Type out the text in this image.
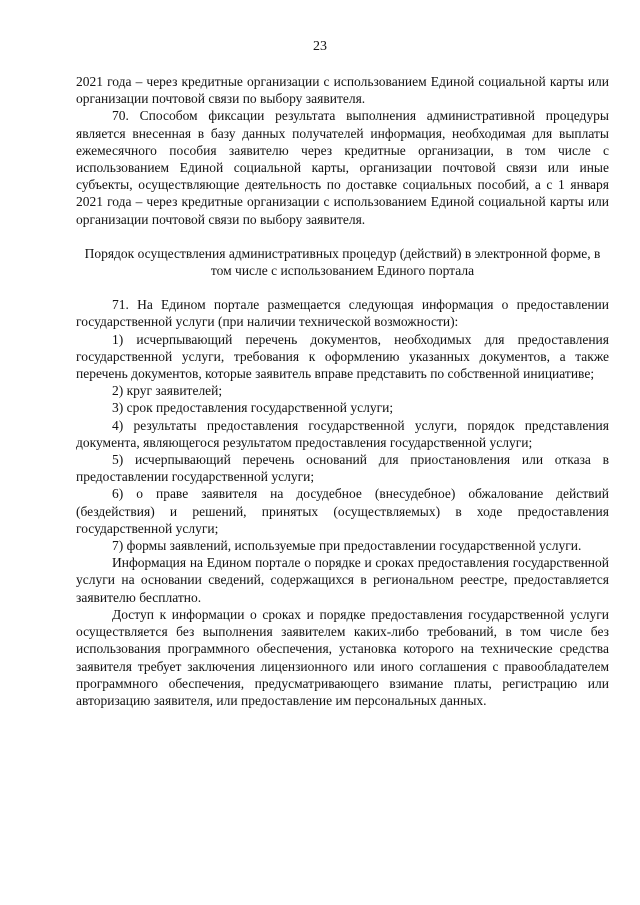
23

2021 года – через кредитные организации с использованием Единой социальной карты или организации почтовой связи по выбору заявителя.

70. Способом фиксации результата выполнения административной процедуры является внесенная в базу данных получателей информация, необходимая для выплаты ежемесячного пособия заявителю через кредитные организации, в том числе с использованием Единой социальной карты, организации почтовой связи или иные субъекты, осуществляющие деятельность по доставке социальных пособий, а с 1 января 2021 года – через кредитные организации с использованием Единой социальной карты или организации почтовой связи по выбору заявителя.

Порядок осуществления административных процедур (действий) в электронной форме, в том числе с использованием Единого портала

71. На Едином портале размещается следующая информация о предоставлении государственной услуги (при наличии технической возможности):

1) исчерпывающий перечень документов, необходимых для предоставления государственной услуги, требования к оформлению указанных документов, а также перечень документов, которые заявитель вправе представить по собственной инициативе;

2) круг заявителей;

3) срок предоставления государственной услуги;

4) результаты предоставления государственной услуги, порядок представления документа, являющегося результатом предоставления государственной услуги;

5) исчерпывающий перечень оснований для приостановления или отказа в предоставлении государственной услуги;

6) о праве заявителя на досудебное (внесудебное) обжалование действий (бездействия) и решений, принятых (осуществляемых) в ходе предоставления государственной услуги;

7) формы заявлений, используемые при предоставлении государственной услуги.

Информация на Едином портале о порядке и сроках предоставления государственной услуги на основании сведений, содержащихся в региональном реестре, предоставляется заявителю бесплатно.

Доступ к информации о сроках и порядке предоставления государственной услуги осуществляется без выполнения заявителем каких-либо требований, в том числе без использования программного обеспечения, установка которого на технические средства заявителя требует заключения лицензионного или иного соглашения с правообладателем программного обеспечения, предусматривающего взимание платы, регистрацию или авторизацию заявителя, или предоставление им персональных данных.
